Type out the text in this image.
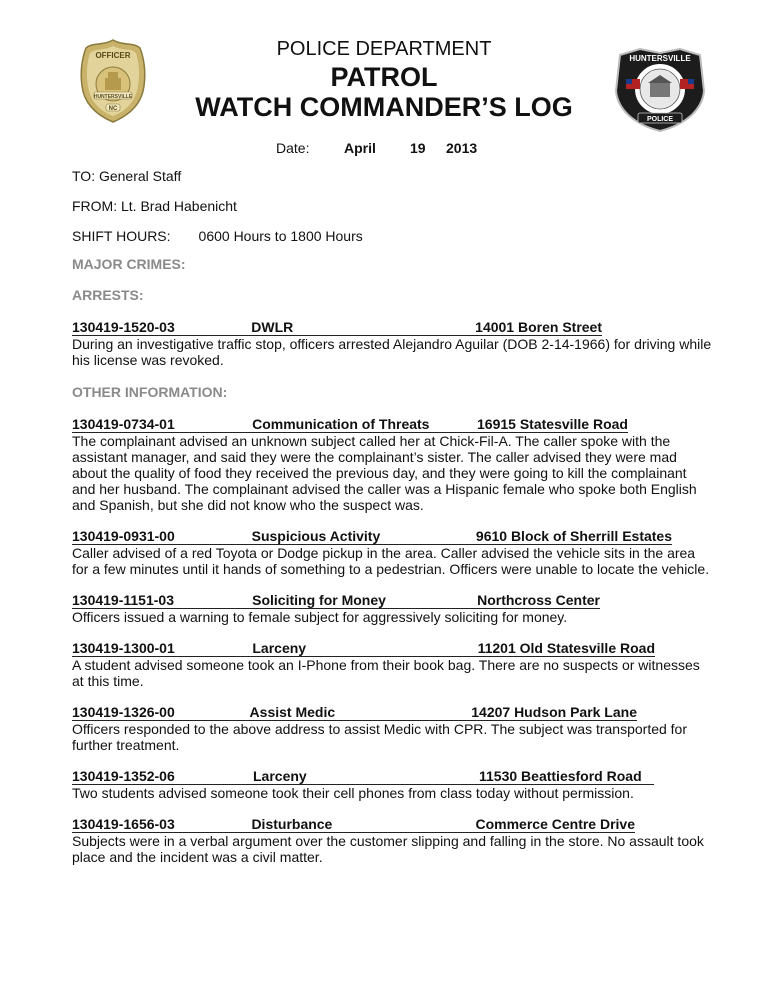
OFFICER
HUNTERSVILLE
NC
POLICE DEPARTMENT
PATROL
WATCH COMMANDER’S LOG
HUNTERSVILLE
POLICE
Date: April 19 2013
TO: General Staff
FROM: Lt. Brad Habenicht
SHIFT HOURS: 0600 Hours to 1800 Hours
MAJOR CRIMES:
ARRESTS:
130419-1520-03	DWLR	14001 Boren Street
During an investigative traffic stop, officers arrested Alejandro Aguilar (DOB 2-14-1966) for driving while his license was revoked.
OTHER INFORMATION:
130419-0734-01	Communication of Threats	16915 Statesville Road
The complainant advised an unknown subject called her at Chick-Fil-A. The caller spoke with the assistant manager, and said they were the complainant’s sister. The caller advised they were mad about the quality of food they received the previous day, and they were going to kill the complainant and her husband. The complainant advised the caller was a Hispanic female who spoke both English and Spanish, but she did not know who the suspect was.
130419-0931-00	Suspicious Activity	9610 Block of Sherrill Estates
Caller advised of a red Toyota or Dodge pickup in the area. Caller advised the vehicle sits in the area for a few minutes until it hands of something to a pedestrian. Officers were unable to locate the vehicle.
130419-1151-03	Soliciting for Money	Northcross Center
Officers issued a warning to female subject for aggressively soliciting for money.
130419-1300-01	Larceny	11201 Old Statesville Road
A student advised someone took an I-Phone from their book bag. There are no suspects or witnesses at this time.
130419-1326-00	Assist Medic	14207 Hudson Park Lane
Officers responded to the above address to assist Medic with CPR. The subject was transported for further treatment.
130419-1352-06	Larceny	11530 Beattiesford Road
Two students advised someone took their cell phones from class today without permission.
130419-1656-03	Disturbance	Commerce Centre Drive
Subjects were in a verbal argument over the customer slipping and falling in the store. No assault took place and the incident was a civil matter.
